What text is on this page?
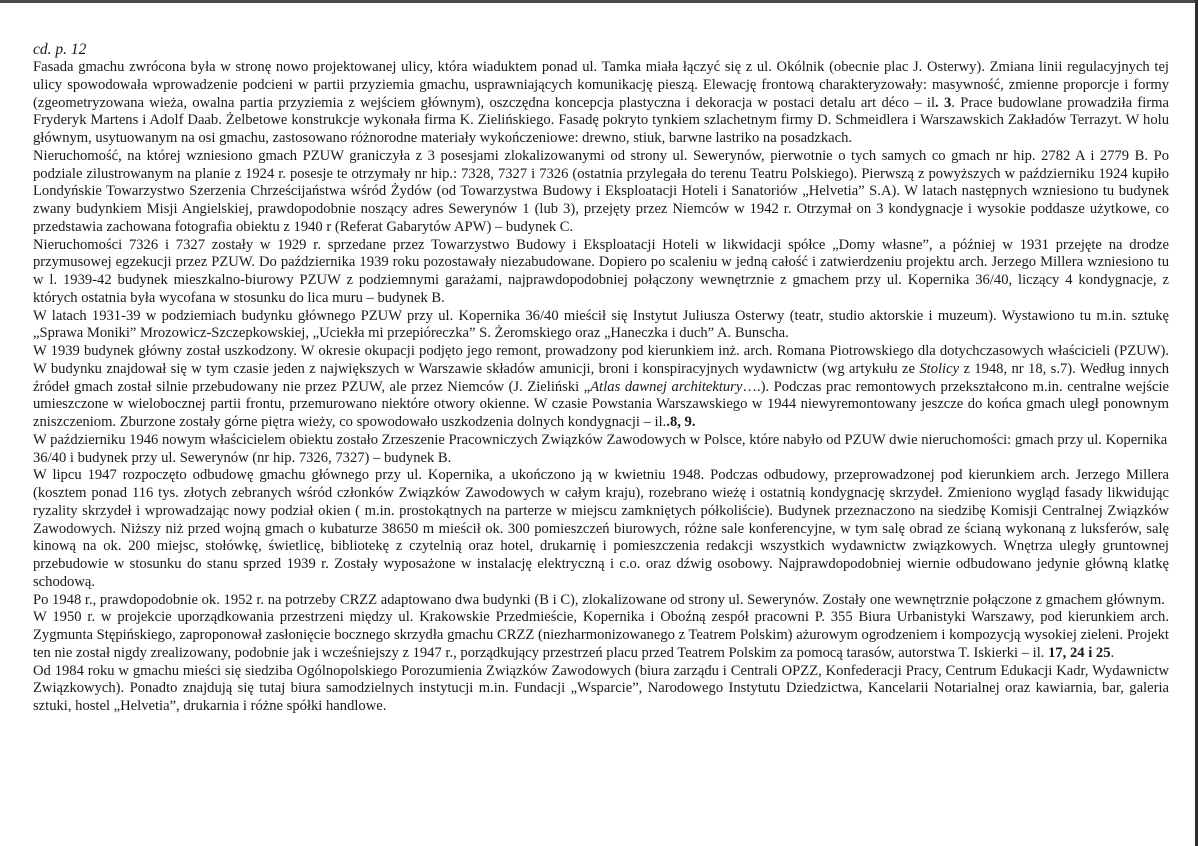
cd. p. 12

Fasada gmachu zwrócona była w stronę nowo projektowanej ulicy, która wiaduktem ponad ul. Tamka miała łączyć się z ul. Okólnik (obecnie plac J. Osterwy). Zmiana linii regulacyjnych tej ulicy spowodowała wprowadzenie podcieni w partii przyziemia gmachu, usprawniających komunikację pieszą. Elewację frontową charakteryzowały: masywność, zmienne proporcje i formy (zgeometryzowana wieża, owalna partia przyziemia z wejściem głównym), oszczędna koncepcja plastyczna i dekoracja w postaci detalu art déco – il. 3. Prace budowlane prowadziła firma Fryderyk Martens i Adolf Daab. Żelbetowe konstrukcje wykonała firma K. Zielińskiego. Fasadę pokryto tynkiem szlachetnym firmy D. Schmeidlera i Warszawskich Zakładów Terrazyt. W holu głównym, usytuowanym na osi gmachu, zastosowano różnorodne materiały wykończeniowe: drewno, stiuk, barwne lastriko na posadzkach.

Nieruchomość, na której wzniesiono gmach PZUW graniczyła z 3 posesjami zlokalizowanymi od strony ul. Sewerynów, pierwotnie o tych samych co gmach nr hip. 2782 A i 2779 B. Po podziale zilustrowanym na planie z 1924 r. posesje te otrzymały nr hip.: 7328, 7327 i 7326 (ostatnia przylegała do terenu Teatru Polskiego). Pierwszą z powyższych w październiku 1924 kupiło Londyńskie Towarzystwo Szerzenia Chrześcijaństwa wśród Żydów (od Towarzystwa Budowy i Eksploatacji Hoteli i Sanatoriów „Helvetia” S.A). W latach następnych wzniesiono tu budynek zwany budynkiem Misji Angielskiej, prawdopodobnie noszący adres Sewerynów 1 (lub 3), przejęty przez Niemców w 1942 r. Otrzymał on 3 kondygnacje i wysokie poddasze użytkowe, co przedstawia zachowana fotografia obiektu z 1940 r (Referat Gabarytów APW) – budynek C.

Nieruchomości 7326 i 7327 zostały w 1929 r. sprzedane przez Towarzystwo Budowy i Eksploatacji Hoteli w likwidacji spółce „Domy własne”, a później w 1931 przejęte na drodze przymusowej egzekucji przez PZUW. Do października 1939 roku pozostawały niezabudowane. Dopiero po scaleniu w jedną całość i zatwierdzeniu projektu arch. Jerzego Millera wzniesiono tu w l. 1939-42 budynek mieszkalno-biurowy PZUW z podziemnymi garażami, najprawdopodobniej połączony wewnętrznie z gmachem przy ul. Kopernika 36/40, liczący 4 kondygnacje, z których ostatnia była wycofana w stosunku do lica muru – budynek B.

W latach 1931-39 w podziemiach budynku głównego PZUW przy ul. Kopernika 36/40 mieścił się Instytut Juliusza Osterwy (teatr, studio aktorskie i muzeum). Wystawiono tu m.in. sztukę „Sprawa Moniki” Mrozowicz-Szczepkowskiej, „Uciekła mi przepióreczka” S. Żeromskiego oraz „Haneczka i duch” A. Bunscha.

W 1939 budynek główny został uszkodzony. W okresie okupacji podjęto jego remont, prowadzony pod kierunkiem inż. arch. Romana Piotrowskiego dla dotychczasowych właścicieli (PZUW). W budynku znajdował się w tym czasie jeden z największych w Warszawie składów amunicji, broni i konspiracyjnych wydawnictw (wg artykułu ze Stolicy z 1948, nr 18, s.7). Według innych źródeł gmach został silnie przebudowany nie przez PZUW, ale przez Niemców (J. Zieliński „Atlas dawnej architektury….). Podczas prac remontowych przekształcono m.in. centralne wejście umieszczone w wielobocznej partii frontu, przemurowano niektóre otwory okienne. W czasie Powstania Warszawskiego w 1944 niewyremontowany jeszcze do końca gmach uległ ponownym zniszczeniom. Zburzone zostały górne piętra wieży, co spowodowało uszkodzenia dolnych kondygnacji – il..8, 9.

W październiku 1946 nowym właścicielem obiektu zostało Zrzeszenie Pracowniczych Związków Zawodowych w Polsce, które nabyło od PZUW dwie nieruchomości: gmach przy ul. Kopernika 36/40 i budynek przy ul. Sewerynów (nr hip. 7326, 7327) – budynek B.

W lipcu 1947 rozpoczęto odbudowę gmachu głównego przy ul. Kopernika, a ukończono ją w kwietniu 1948. Podczas odbudowy, przeprowadzonej pod kierunkiem arch. Jerzego Millera (kosztem ponad 116 tys. złotych zebranych wśród członków Związków Zawodowych w całym kraju), rozebrano wieżę i ostatnią kondygnację skrzydeł. Zmieniono wygląd fasady likwidując ryzality skrzydeł i wprowadzając nowy podział okien ( m.in. prostokątnych na parterze w miejscu zamkniętych półkoliście). Budynek przeznaczono na siedzibę Komisji Centralnej Związków Zawodowych. Niższy niż przed wojną gmach o kubaturze 38650 m mieścił ok. 300 pomieszczeń biurowych, różne sale konferencyjne, w tym salę obrad ze ścianą wykonaną z luksferów, salę kinową na ok. 200 miejsc, stołówkę, świetlicę, bibliotekę z czytelnią oraz hotel, drukarnię i pomieszczenia redakcji wszystkich wydawnictw związkowych. Wnętrza uległy gruntownej przebudowie w stosunku do stanu sprzed 1939 r. Zostały wyposażone w instalację elektryczną i c.o. oraz dźwig osobowy. Najprawdopodobniej wiernie odbudowano jedynie główną klatkę schodową.

Po 1948 r., prawdopodobnie ok. 1952 r. na potrzeby CRZZ adaptowano dwa budynki (B i C), zlokalizowane od strony ul. Sewerynów. Zostały one wewnętrznie połączone z gmachem głównym.

W 1950 r. w projekcie uporządkowania przestrzeni między ul. Krakowskie Przedmieście, Kopernika i Oboźną zespół pracowni P. 355 Biura Urbanistyki Warszawy, pod kierunkiem arch. Zygmunta Stępińskiego, zaproponował zasłonięcie bocznego skrzydła gmachu CRZZ (niezharmonizowanego z Teatrem Polskim) ażurowym ogrodzeniem i kompozycją wysokiej zieleni. Projekt ten nie został nigdy zrealizowany, podobnie jak i wcześniejszy z 1947 r., porządkujący przestrzeń placu przed Teatrem Polskim za pomocą tarasów, autorstwa T. Iskierki – il. 17, 24 i 25.

Od 1984 roku w gmachu mieści się siedziba Ogólnopolskiego Porozumienia Związków Zawodowych (biura zarządu i Centrali OPZZ, Konfederacji Pracy, Centrum Edukacji Kadr, Wydawnictw Związkowych). Ponadto znajdują się tutaj biura samodzielnych instytucji m.in. Fundacji „Wsparcie”, Narodowego Instytutu Dziedzictwa, Kancelarii Notarialnej oraz kawiarnia, bar, galeria sztuki, hostel „Helvetia”, drukarnia i różne spółki handlowe.
